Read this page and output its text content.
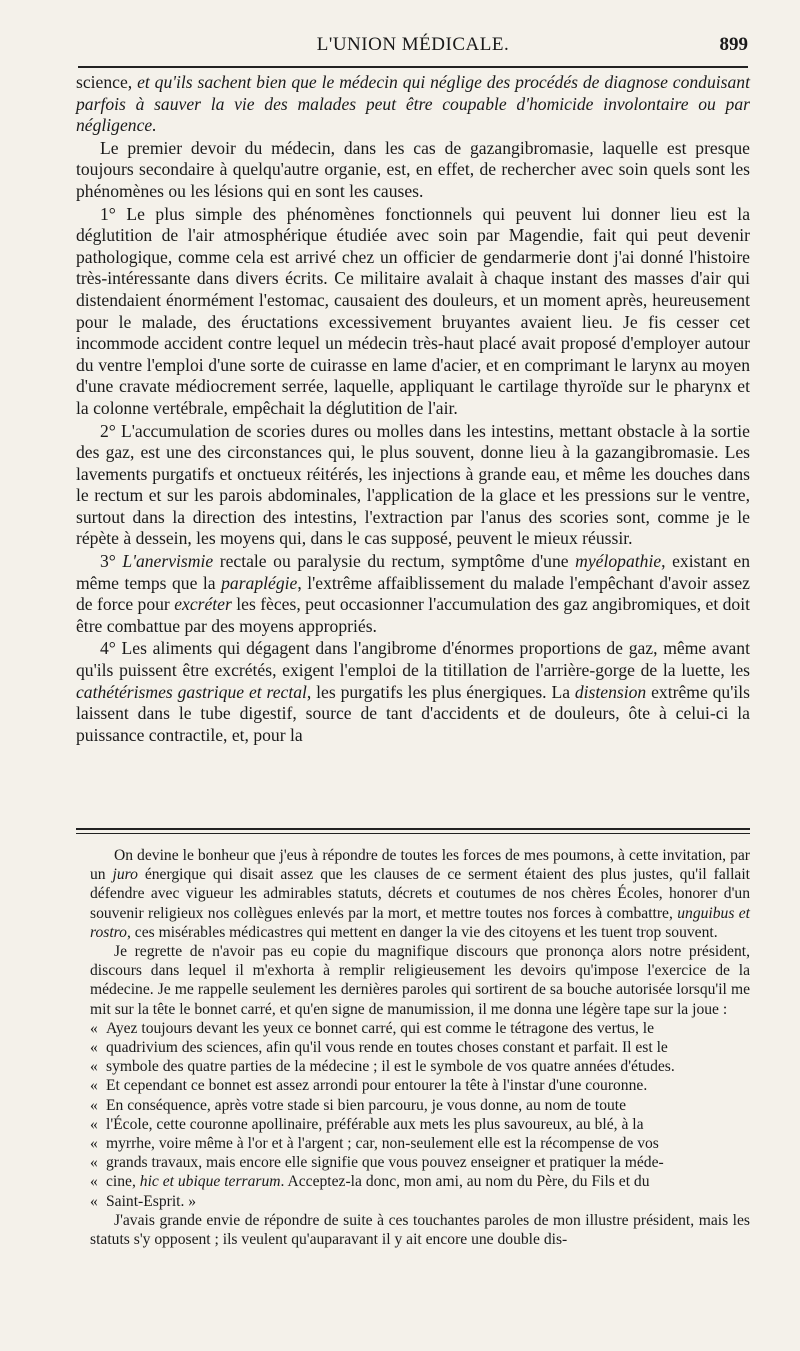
L'UNION MÉDICALE.	899

science, et qu'ils sachent bien que le médecin qui néglige des procédés de diagnose conduisant parfois à sauver la vie des malades peut être coupable d'homicide involontaire ou par négligence.

Le premier devoir du médecin, dans les cas de gazangibromasie, laquelle est presque toujours secondaire à quelqu'autre organie, est, en effet, de rechercher avec soin quels sont les phénomènes ou les lésions qui en sont les causes.

1° Le plus simple des phénomènes fonctionnels qui peuvent lui donner lieu est la déglutition de l'air atmosphérique étudiée avec soin par Magendie, fait qui peut devenir pathologique, comme cela est arrivé chez un officier de gendarmerie dont j'ai donné l'histoire très-intéressante dans divers écrits. Ce militaire avalait à chaque instant des masses d'air qui distendaient énormément l'estomac, causaient des douleurs, et un moment après, heureusement pour le malade, des éructations excessivement bruyantes avaient lieu. Je fis cesser cet incommode accident contre lequel un médecin très-haut placé avait proposé d'employer autour du ventre l'emploi d'une sorte de cuirasse en lame d'acier, et en comprimant le larynx au moyen d'une cravate médiocrement serrée, laquelle, appliquant le cartilage thyroïde sur le pharynx et la colonne vertébrale, empêchait la déglutition de l'air.

2° L'accumulation de scories dures ou molles dans les intestins, mettant obstacle à la sortie des gaz, est une des circonstances qui, le plus souvent, donne lieu à la gazangibromasie. Les lavements purgatifs et onctueux réitérés, les injections à grande eau, et même les douches dans le rectum et sur les parois abdominales, l'application de la glace et les pressions sur le ventre, surtout dans la direction des intestins, l'extraction par l'anus des scories sont, comme je le répète à dessein, les moyens qui, dans le cas supposé, peuvent le mieux réussir.

3° L'anervismie rectale ou paralysie du rectum, symptôme d'une myélopathie, existant en même temps que la paraplégie, l'extrême affaiblissement du malade l'empêchant d'avoir assez de force pour excréter les fèces, peut occasionner l'accumulation des gaz angibromiques, et doit être combattue par des moyens appropriés.

4° Les aliments qui dégagent dans l'angibrome d'énormes proportions de gaz, même avant qu'ils puissent être excrétés, exigent l'emploi de la titillation de l'arrière-gorge de la luette, les cathétérismes gastrique et rectal, les purgatifs les plus énergiques. La distension extrême qu'ils laissent dans le tube digestif, source de tant d'accidents et de douleurs, ôte à celui-ci la puissance contractile, et, pour la

On devine le bonheur que j'eus à répondre de toutes les forces de mes poumons, à cette invitation, par un juro énergique qui disait assez que les clauses de ce serment étaient des plus justes, qu'il fallait défendre avec vigueur les admirables statuts, décrets et coutumes de nos chères Écoles, honorer d'un souvenir religieux nos collègues enlevés par la mort, et mettre toutes nos forces à combattre, unguibus et rostro, ces misérables médicastres qui mettent en danger la vie des citoyens et les tuent trop souvent.

Je regrette de n'avoir pas eu copie du magnifique discours que prononça alors notre président, discours dans lequel il m'exhorta à remplir religieusement les devoirs qu'impose l'exercice de la médecine. Je me rappelle seulement les dernières paroles qui sortirent de sa bouche autorisée lorsqu'il me mit sur la tête le bonnet carré, et qu'en signe de manumission, il me donna une légère tape sur la joue :

« Ayez toujours devant les yeux ce bonnet carré, qui est comme le tétragone des vertus, le

« quadrivium des sciences, afin qu'il vous rende en toutes choses constant et parfait. Il est le

« symbole des quatre parties de la médecine ; il est le symbole de vos quatre années d'études.

« Et cependant ce bonnet est assez arrondi pour entourer la tête à l'instar d'une couronne.

« En conséquence, après votre stade si bien parcouru, je vous donne, au nom de toute

« l'École, cette couronne apollinaire, préférable aux mets les plus savoureux, au blé, à la

« myrrhe, voire même à l'or et à l'argent ; car, non-seulement elle est la récompense de vos

« grands travaux, mais encore elle signifie que vous pouvez enseigner et pratiquer la méde-

« cine, hic et ubique terrarum. Acceptez-la donc, mon ami, au nom du Père, du Fils et du

« Saint-Esprit. »

J'avais grande envie de répondre de suite à ces touchantes paroles de mon illustre président, mais les statuts s'y opposent ; ils veulent qu'auparavant il y ait encore une double dis-
